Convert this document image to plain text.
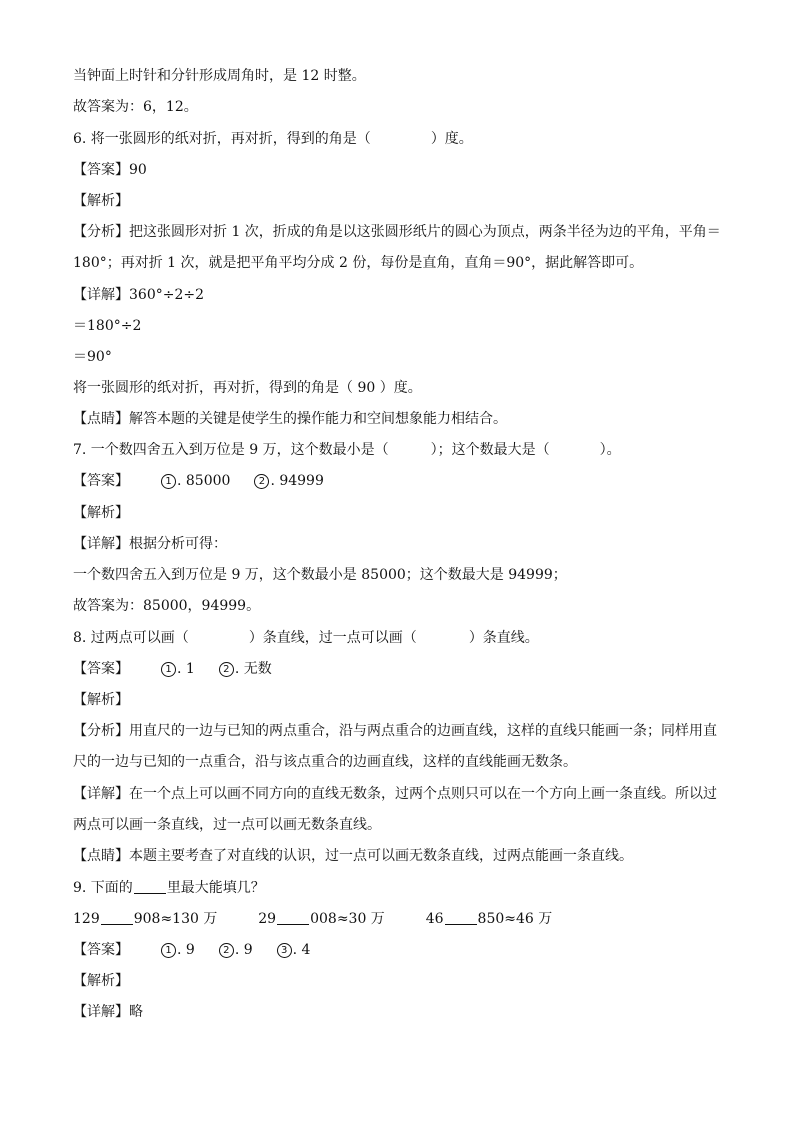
当钟面上时针和分针形成周角时，是 12 时整。
故答案为：6，12。
6. 将一张圆形的纸对折，再对折，得到的角是（	）度。
【答案】90
【解析】
【分析】把这张圆形对折 1 次，折成的角是以这张圆形纸片的圆心为顶点，两条半径为边的平角，平角＝
180°；再对折 1 次，就是把平角平均分成 2 份，每份是直角，直角＝90°，据此解答即可。
【详解】360°÷2÷2
＝180°÷2
＝90°
将一张圆形的纸对折，再对折，得到的角是（ 90 ）度。
【点睛】解答本题的关键是使学生的操作能力和空间想象能力相结合。
7. 一个数四舍五入到万位是 9 万，这个数最小是（	）；这个数最大是（	）。
【答案】	1 . 85000	2 . 94999
【解析】
【详解】根据分析可得：
一个数四舍五入到万位是 9 万，这个数最小是 85000；这个数最大是 94999；
故答案为：85000，94999。
8. 过两点可以画（	）条直线，过一点可以画（	）条直线。
【答案】	1 . 1	2 . 无数
【解析】
【分析】用直尺的一边与已知的两点重合，沿与两点重合的边画直线，这样的直线只能画一条；同样用直
尺的一边与已知的一点重合，沿与该点重合的边画直线，这样的直线能画无数条。
【详解】在一个点上可以画不同方向的直线无数条，过两个点则只可以在一个方向上画一条直线。所以过
两点可以画一条直线，过一点可以画无数条直线。
【点睛】本题主要考查了对直线的认识，过一点可以画无数条直线，过两点能画一条直线。
9. 下面的 里最大能填几？
129 908≈130 万	29 008≈30 万	46 850≈46 万
【答案】	1 . 9	2 . 9	3 . 4
【解析】
【详解】略
